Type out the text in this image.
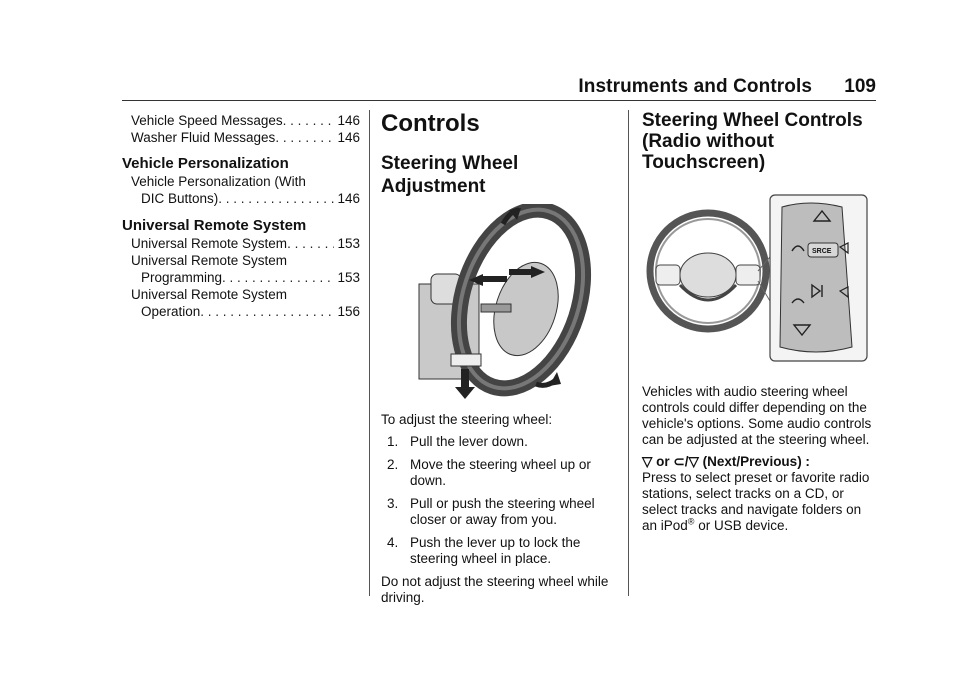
Instruments and Controls 109
Vehicle Speed Messages . . .	146
Washer Fluid Messages . . .	146
Vehicle Personalization
Vehicle Personalization (With
DIC Buttons) . . .	146
Universal Remote System
Universal Remote System . . .	153
Universal Remote System
Programming . . .	153
Universal Remote System
Operation . . .	156
Controls
Steering Wheel
Adjustment
To adjust the steering wheel:
1. Pull the lever down.
2. Move the steering wheel up or down.
3. Pull or push the steering wheel closer or away from you.
4. Push the lever up to lock the steering wheel in place.
Do not adjust the steering wheel while driving.
Steering Wheel Controls
(Radio without
Touchscreen)
SRCE
Vehicles with audio steering wheel controls could differ depending on the vehicle's options. Some audio controls can be adjusted at the steering wheel.
▽ or ⊂/▽ (Next/Previous) :
Press to select preset or favorite radio stations, select tracks on a CD, or select tracks and navigate folders on an iPod® or USB device.
